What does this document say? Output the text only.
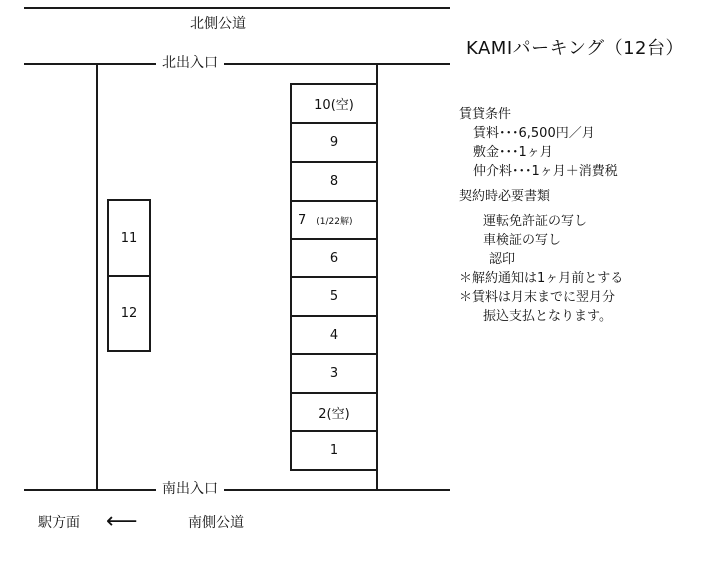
北側公道
北出入口
南出入口
駅方面 ⟵	南側公道
10(空)
9
8
7 (1/22解)
6
5
4
3
2(空)
1
11
12
KAMIパーキング（12台）
賃貸条件
賃料･･･6,500円／月
敷金･･･1ヶ月
仲介料･･･1ヶ月＋消費税
契約時必要書類
運転免許証の写し
車検証の写し
認印
＊解約通知は1ヶ月前とする
＊賃料は月末までに翌月分
振込支払となります。
